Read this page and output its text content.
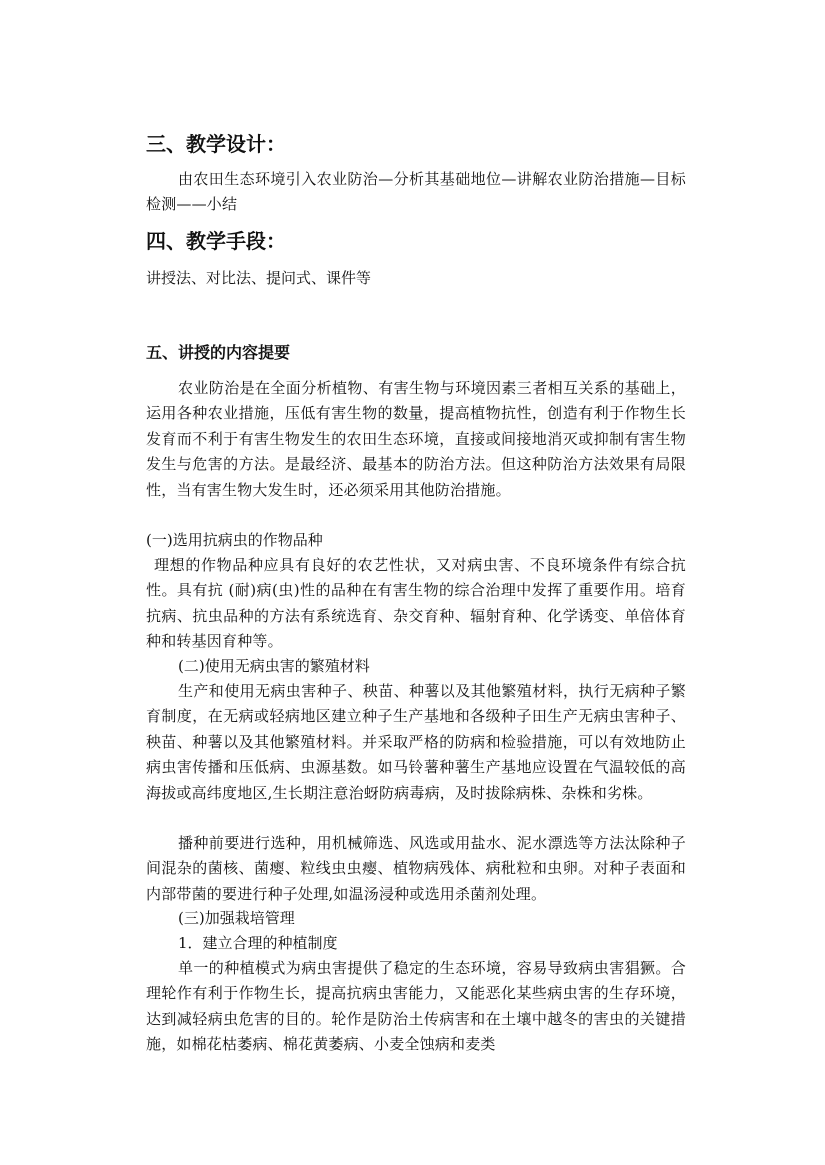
三、教学设计：
由农田生态环境引入农业防治—分析其基础地位—讲解农业防治措施—目标检测——小结
四、教学手段：
讲授法、对比法、提问式、课件等
五、讲授的内容提要
农业防治是在全面分析植物、有害生物与环境因素三者相互关系的基础上，运用各种农业措施，压低有害生物的数量，提高植物抗性，创造有利于作物生长发育而不利于有害生物发生的农田生态环境，直接或间接地消灭或抑制有害生物发生与危害的方法。是最经济、最基本的防治方法。但这种防治方法效果有局限性，当有害生物大发生时，还必须采用其他防治措施。
(一)选用抗病虫的作物品种
理想的作物品种应具有良好的农艺性状，又对病虫害、不良环境条件有综合抗性。具有抗 (耐)病(虫)性的品种在有害生物的综合治理中发挥了重要作用。培育抗病、抗虫品种的方法有系统选育、杂交育种、辐射育种、化学诱变、单倍体育种和转基因育种等。
(二)使用无病虫害的繁殖材料
生产和使用无病虫害种子、秧苗、种薯以及其他繁殖材料，执行无病种子繁育制度，在无病或轻病地区建立种子生产基地和各级种子田生产无病虫害种子、秧苗、种薯以及其他繁殖材料。并采取严格的防病和检验措施，可以有效地防止病虫害传播和压低病、虫源基数。如马铃薯种薯生产基地应设置在气温较低的高海拔或高纬度地区,生长期注意治蚜防病毒病，及时拔除病株、杂株和劣株。
播种前要进行选种，用机械筛选、风选或用盐水、泥水漂选等方法汰除种子间混杂的菌核、菌瘿、粒线虫虫瘿、植物病残体、病秕粒和虫卵。对种子表面和内部带菌的要进行种子处理,如温汤浸种或选用杀菌剂处理。
(三)加强栽培管理
1．建立合理的种植制度
单一的种植模式为病虫害提供了稳定的生态环境，容易导致病虫害猖獗。合理轮作有利于作物生长，提高抗病虫害能力，又能恶化某些病虫害的生存环境，达到减轻病虫危害的目的。轮作是防治土传病害和在土壤中越冬的害虫的关键措施，如棉花枯萎病、棉花黄萎病、小麦全蚀病和麦类
